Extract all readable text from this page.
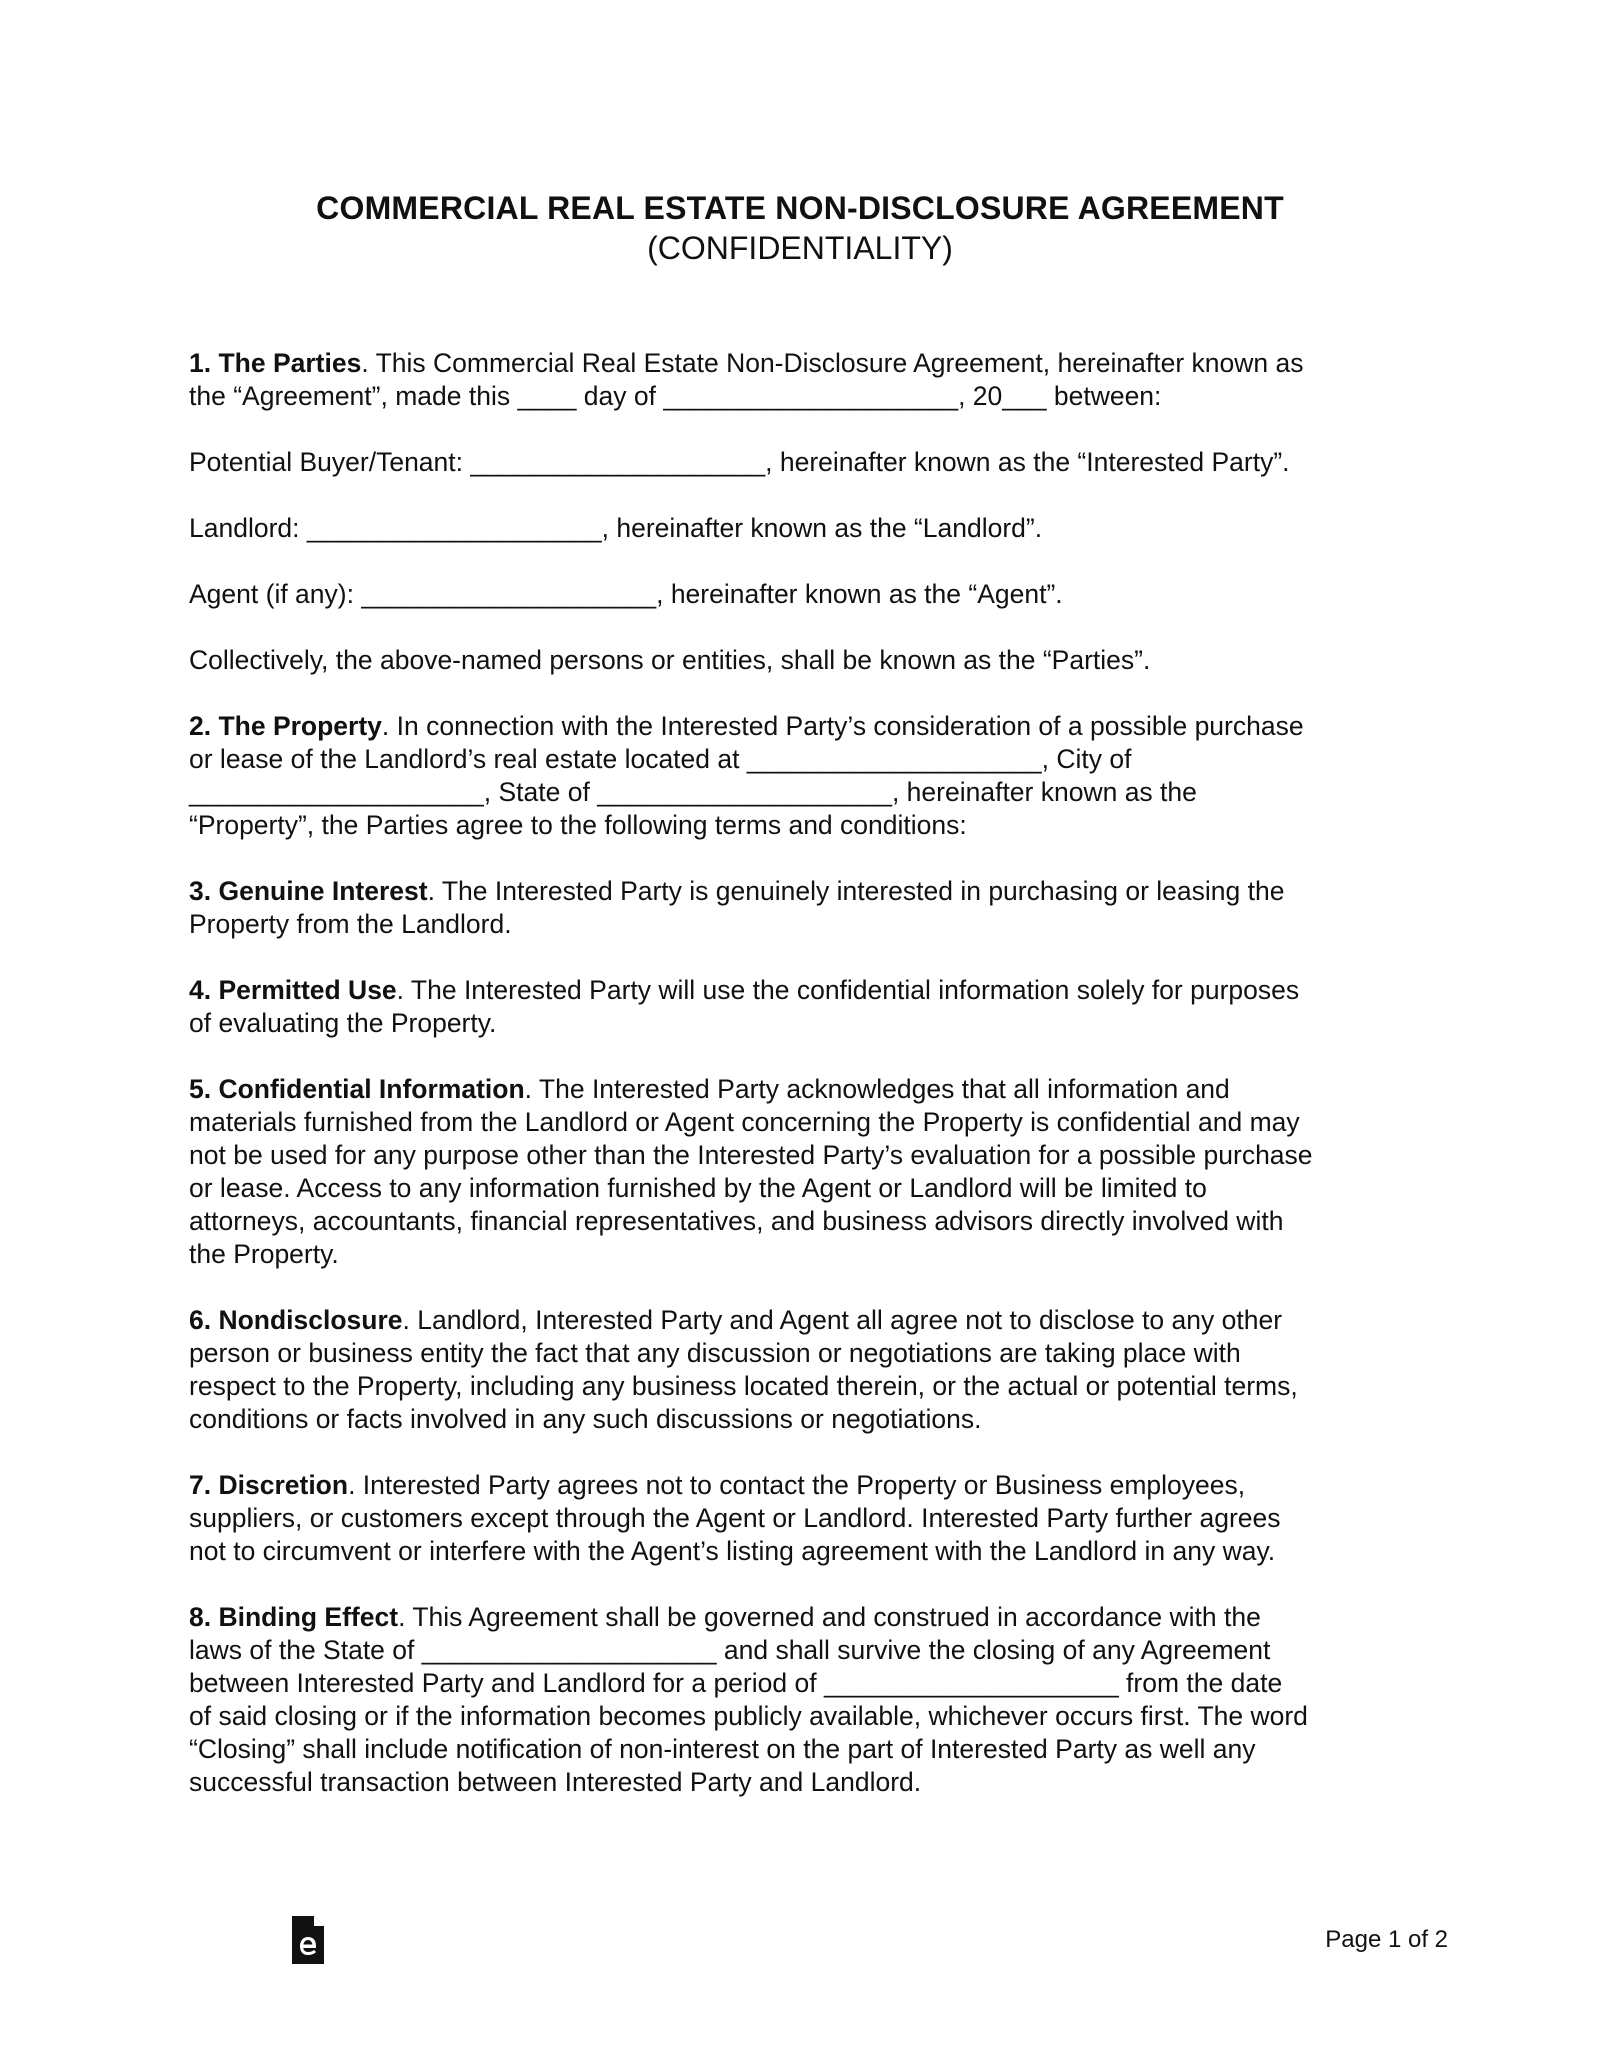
COMMERCIAL REAL ESTATE NON-DISCLOSURE AGREEMENT
(CONFIDENTIALITY)

1. The Parties. This Commercial Real Estate Non-Disclosure Agreement, hereinafter known as
the “Agreement”, made this ____ day of ____________________, 20___ between:

Potential Buyer/Tenant: ____________________, hereinafter known as the “Interested Party”.

Landlord: ____________________, hereinafter known as the “Landlord”.

Agent (if any): ____________________, hereinafter known as the “Agent”.

Collectively, the above-named persons or entities, shall be known as the “Parties”.

2. The Property. In connection with the Interested Party’s consideration of a possible purchase
or lease of the Landlord’s real estate located at ____________________, City of
____________________, State of ____________________, hereinafter known as the
“Property”, the Parties agree to the following terms and conditions:

3. Genuine Interest. The Interested Party is genuinely interested in purchasing or leasing the
Property from the Landlord.

4. Permitted Use. The Interested Party will use the confidential information solely for purposes
of evaluating the Property.

5. Confidential Information. The Interested Party acknowledges that all information and
materials furnished from the Landlord or Agent concerning the Property is confidential and may
not be used for any purpose other than the Interested Party’s evaluation for a possible purchase
or lease. Access to any information furnished by the Agent or Landlord will be limited to
attorneys, accountants, financial representatives, and business advisors directly involved with
the Property.

6. Nondisclosure. Landlord, Interested Party and Agent all agree not to disclose to any other
person or business entity the fact that any discussion or negotiations are taking place with
respect to the Property, including any business located therein, or the actual or potential terms,
conditions or facts involved in any such discussions or negotiations.

7. Discretion. Interested Party agrees not to contact the Property or Business employees,
suppliers, or customers except through the Agent or Landlord. Interested Party further agrees
not to circumvent or interfere with the Agent’s listing agreement with the Landlord in any way.

8. Binding Effect. This Agreement shall be governed and construed in accordance with the
laws of the State of ____________________ and shall survive the closing of any Agreement
between Interested Party and Landlord for a period of ____________________ from the date
of said closing or if the information becomes publicly available, whichever occurs first. The word
“Closing” shall include notification of non-interest on the part of Interested Party as well any
successful transaction between Interested Party and Landlord.

Page 1 of 2
